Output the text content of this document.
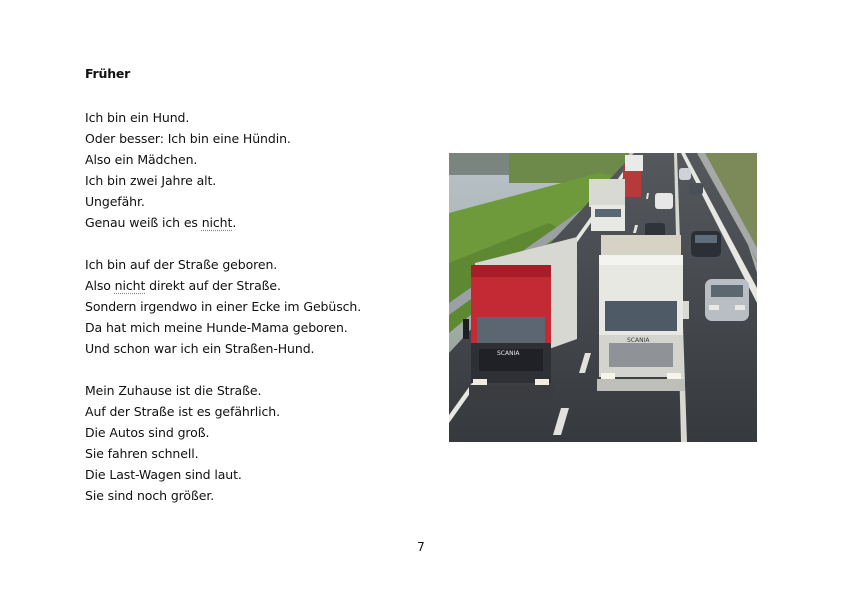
Früher
Ich bin ein Hund.
Oder besser: Ich bin eine Hündin.
Also ein Mädchen.
Ich bin zwei Jahre alt.
Ungefähr.
Genau weiß ich es nicht.
Ich bin auf der Straße geboren.
Also nicht direkt auf der Straße.
Sondern irgendwo in einer Ecke im Gebüsch.
Da hat mich meine Hunde-Mama geboren.
Und schon war ich ein Straßen-Hund.
Mein Zuhause ist die Straße.
Auf der Straße ist es gefährlich.
Die Autos sind groß.
Sie fahren schnell.
Die Last-Wagen sind laut.
Sie sind noch größer.
SCANIA
SCANIA
7
